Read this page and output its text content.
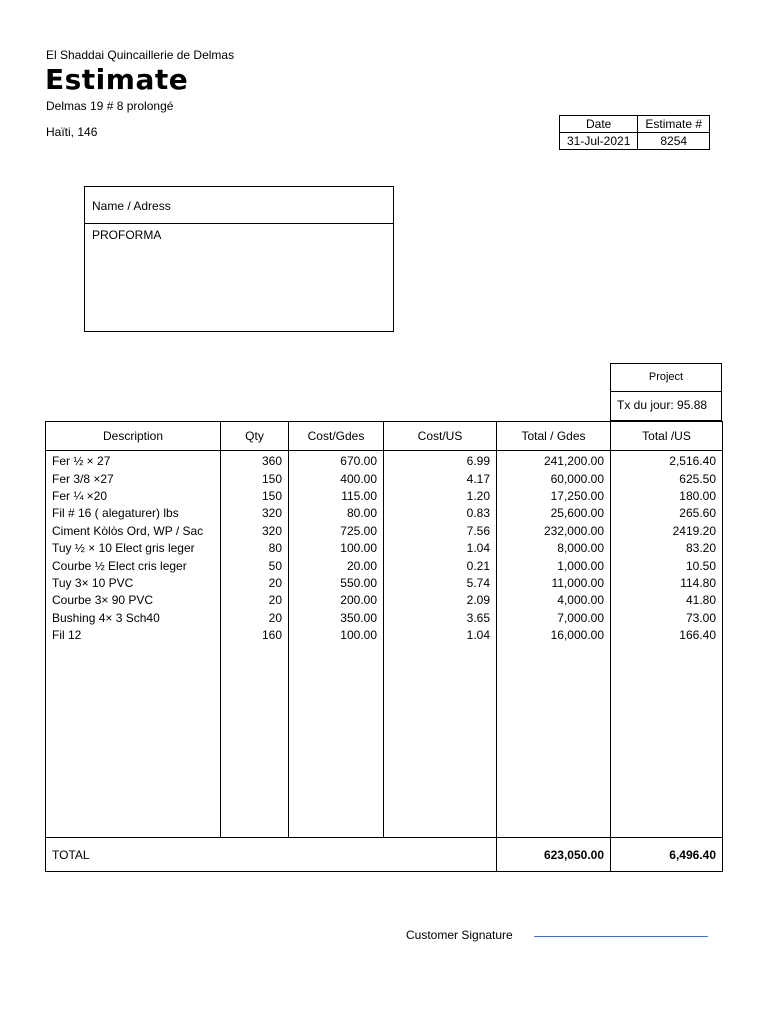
El Shaddai Quincaillerie de Delmas
Estimate
Delmas 19 # 8 prolongé
Haïti, 146
Date	Estimate #
31-Jul-2021	8254
Name / Adress
PROFORMA
Project
Tx du jour: 95.88
Description	Qty	Cost/Gdes	Cost/US	Total / Gdes	Total /US
Fer ½ × 27	360	670.00	6.99	241,200.00	2,516.40
Fer 3/8 ×27	150	400.00	4.17	60,000.00	625.50
Fer ¼ ×20	150	115.00	1.20	17,250.00	180.00
Fil # 16 ( alegaturer) lbs	320	80.00	0.83	25,600.00	265.60
Ciment Kòlòs Ord, WP / Sac	320	725.00	7.56	232,000.00	2419.20
Tuy ½ × 10 Elect gris leger	80	100.00	1.04	8,000.00	83.20
Courbe ½ Elect cris leger	50	20.00	0.21	1,000.00	10.50
Tuy 3× 10 PVC	20	550.00	5.74	11,000.00	114.80
Courbe 3× 90 PVC	20	200.00	2.09	4,000.00	41.80
Bushing 4× 3 Sch40	20	350.00	3.65	7,000.00	73.00
Fil 12	160	100.00	1.04	16,000.00	166.40

TOTAL				623,050.00	6,496.40
Customer Signature
